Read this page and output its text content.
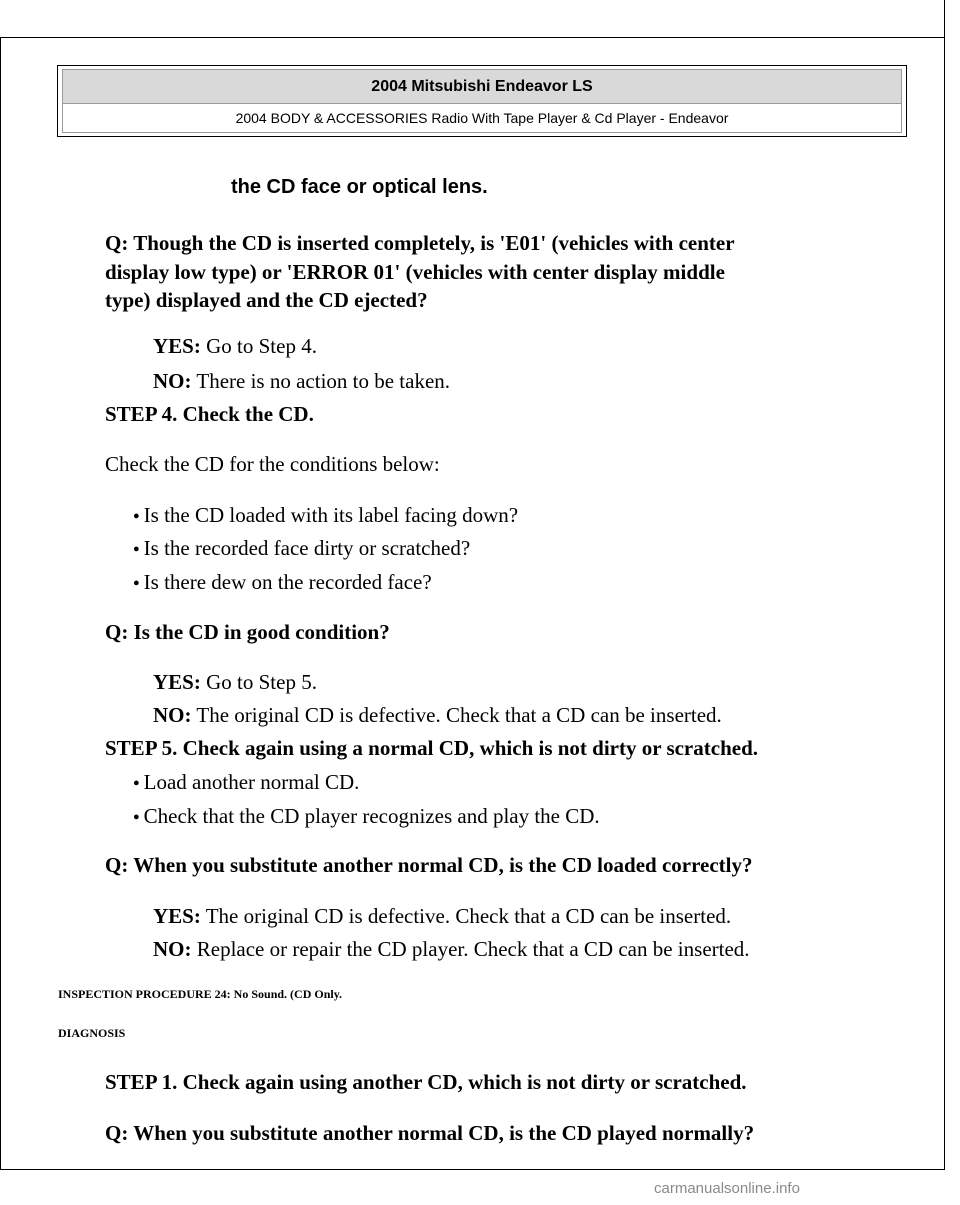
2004 Mitsubishi Endeavor LS
2004 BODY & ACCESSORIES Radio With Tape Player & Cd Player - Endeavor
the CD face or optical lens.
Q: Though the CD is inserted completely, is 'E01' (vehicles with center
display low type) or 'ERROR 01' (vehicles with center display middle
type) displayed and the CD ejected?
YES: Go to Step 4.
NO: There is no action to be taken.
STEP 4. Check the CD.
Check the CD for the conditions below:
● Is the CD loaded with its label facing down?
● Is the recorded face dirty or scratched?
● Is there dew on the recorded face?
Q: Is the CD in good condition?
YES: Go to Step 5.
NO: The original CD is defective. Check that a CD can be inserted.
STEP 5. Check again using a normal CD, which is not dirty or scratched.
● Load another normal CD.
● Check that the CD player recognizes and play the CD.
Q: When you substitute another normal CD, is the CD loaded correctly?
YES: The original CD is defective. Check that a CD can be inserted.
NO: Replace or repair the CD player. Check that a CD can be inserted.
INSPECTION PROCEDURE 24: No Sound. (CD Only.
DIAGNOSIS
STEP 1. Check again using another CD, which is not dirty or scratched.
Q: When you substitute another normal CD, is the CD played normally?
carmanualsonline.info
